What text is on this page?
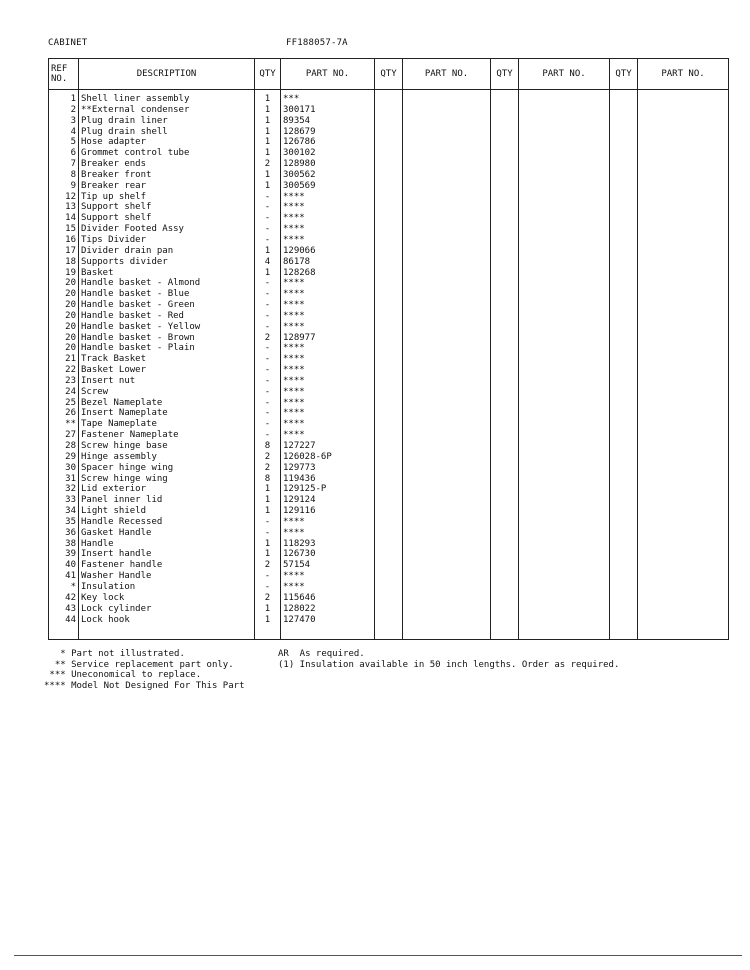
CABINET	FF188057-7A
REF NO.	DESCRIPTION	QTY	PART NO.	QTY	PART NO.	QTY	PART NO.	QTY	PART NO.
1	Shell liner assembly	1	***						
2	**External condenser	1	300171						
3	Plug drain liner	1	89354						
4	Plug drain shell	1	128679						
5	Hose adapter	1	126786						
6	Grommet control tube	1	300102						
7	Breaker ends	2	128980						
8	Breaker front	1	300562						
9	Breaker rear	1	300569						
12	Tip up shelf	-	****						
13	Support shelf	-	****						
14	Support shelf	-	****						
15	Divider Footed Assy	-	****						
16	Tips Divider	-	****						
17	Divider drain pan	1	129066						
18	Supports divider	4	86178						
19	Basket	1	128268						
20	Handle basket - Almond	-	****						
20	Handle basket - Blue	-	****						
20	Handle basket - Green	-	****						
20	Handle basket - Red	-	****						
20	Handle basket - Yellow	-	****						
20	Handle basket - Brown	2	128977						
20	Handle basket - Plain	-	****						
21	Track Basket	-	****						
22	Basket Lower	-	****						
23	Insert nut	-	****						
24	Screw	-	****						
25	Bezel Nameplate	-	****						
26	Insert Nameplate	-	****						
**	Tape Nameplate	-	****						
27	Fastener Nameplate	-	****						
28	Screw hinge base	8	127227						
29	Hinge assembly	2	126028-6P						
30	Spacer hinge wing	2	129773						
31	Screw hinge wing	8	119436						
32	Lid exterior	1	129125-P						
33	Panel inner lid	1	129124						
34	Light shield	1	129116						
35	Handle Recessed	-	****						
36	Gasket Handle	-	****						
38	Handle	1	118293						
39	Insert handle	1	126730						
40	Fastener handle	2	57154						
41	Washer Handle	-	****						
*	Insulation	-	****						
42	Key lock	2	115646						
43	Lock cylinder	1	128022						
44	Lock hook	1	127470						

* Part not illustrated.
** Service replacement part only.
*** Uneconomical to replace.
**** Model Not Designed For This Part
AR  As required.
(1) Insulation available in 50 inch lengths. Order as required.
